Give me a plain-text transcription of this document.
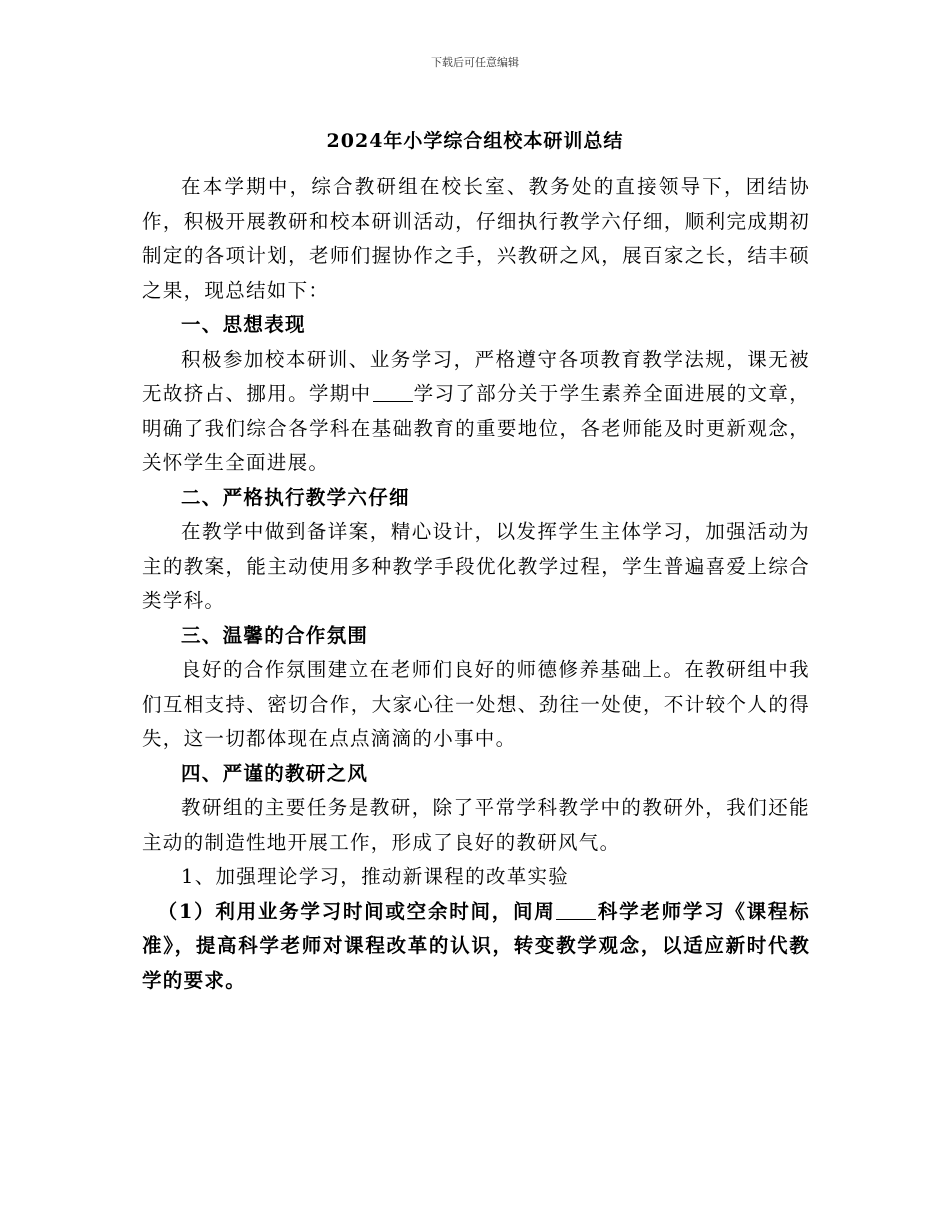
下载后可任意编辑
2024年小学综合组校本研训总结

在本学期中，综合教研组在校长室、教务处的直接领导下，团结协作，积极开展教研和校本研训活动，仔细执行教学六仔细，顺利完成期初制定的各项计划，老师们握协作之手，兴教研之风，展百家之长，结丰硕之果，现总结如下：

一、思想表现

积极参加校本研训、业务学习，严格遵守各项教育教学法规，课无被无故挤占、挪用。学期中 学习了部分关于学生素养全面进展的文章，明确了我们综合各学科在基础教育的重要地位，各老师能及时更新观念，关怀学生全面进展。

二、严格执行教学六仔细

在教学中做到备详案，精心设计，以发挥学生主体学习，加强活动为主的教案，能主动使用多种教学手段优化教学过程，学生普遍喜爱上综合类学科。

三、温馨的合作氛围

良好的合作氛围建立在老师们良好的师德修养基础上。在教研组中我们互相支持、密切合作，大家心往一处想、劲往一处使，不计较个人的得失，这一切都体现在点点滴滴的小事中。

四、严谨的教研之风

教研组的主要任务是教研，除了平常学科教学中的教研外，我们还能主动的制造性地开展工作，形成了良好的教研风气。

1、加强理论学习，推动新课程的改革实验

（1）利用业务学习时间或空余时间，间周 科学老师学习《课程标准》，提高科学老师对课程改革的认识，转变教学观念，以适应新时代教学的要求。
